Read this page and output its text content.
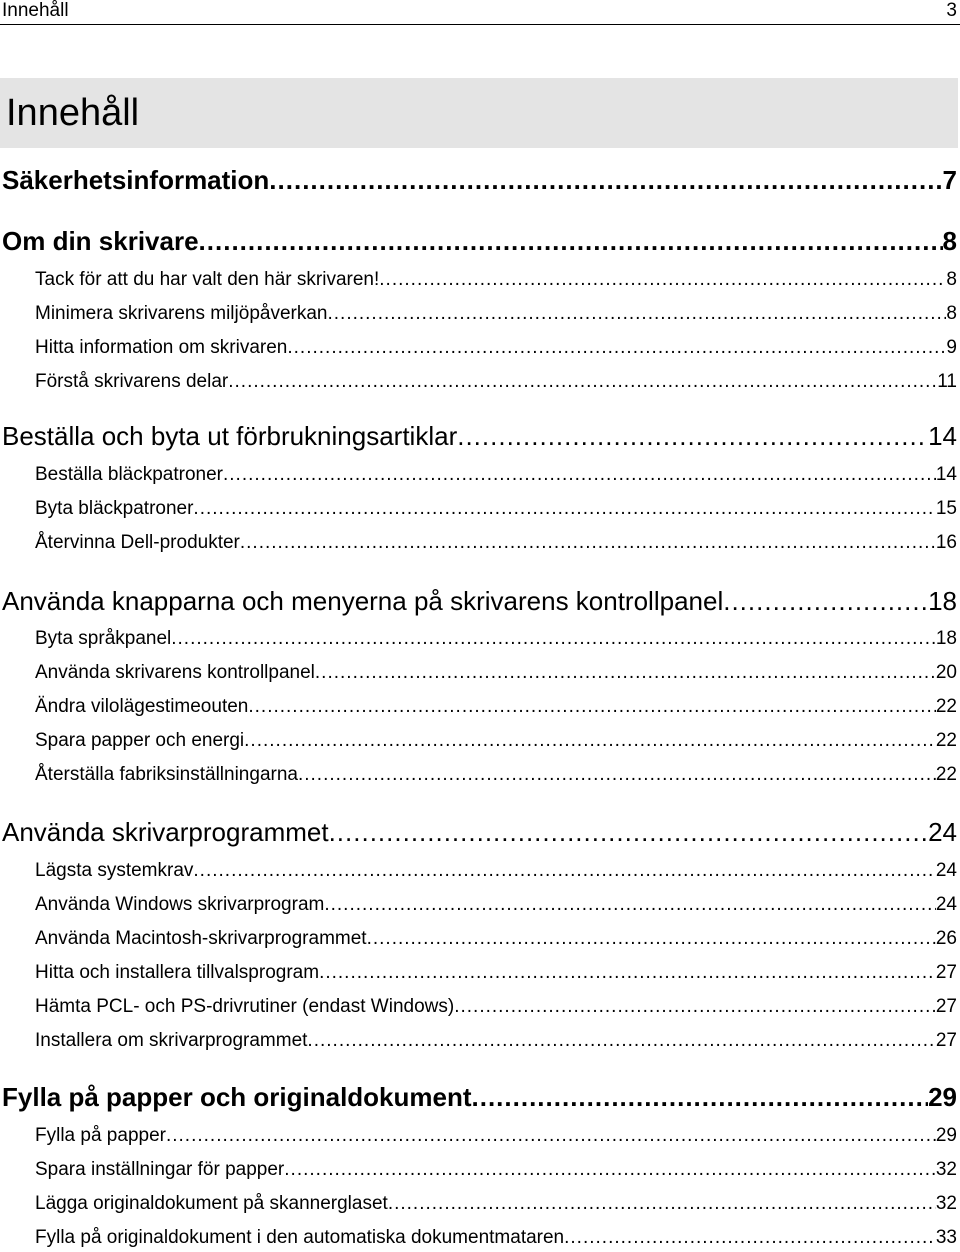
Innehåll	3
Innehåll
Säkerhetsinformation .....	7
Om din skrivare .....	8
Tack för att du har valt den här skrivaren! .....	8
Minimera skrivarens miljöpåverkan .....	8
Hitta information om skrivaren .....	9
Förstå skrivarens delar .....	11
Beställa och byta ut förbrukningsartiklar .....	14
Beställa bläckpatroner .....	14
Byta bläckpatroner .....	15
Återvinna Dell-produkter .....	16
Använda knapparna och menyerna på skrivarens kontrollpanel .....	18
Byta språkpanel .....	18
Använda skrivarens kontrollpanel .....	20
Ändra vilolägestimeouten .....	22
Spara papper och energi .....	22
Återställa fabriksinställningarna .....	22
Använda skrivarprogrammet .....	24
Lägsta systemkrav .....	24
Använda Windows skrivarprogram .....	24
Använda Macintosh-skrivarprogrammet .....	26
Hitta och installera tillvalsprogram .....	27
Hämta PCL- och PS-drivrutiner (endast Windows) .....	27
Installera om skrivarprogrammet .....	27
Fylla på papper och originaldokument .....	29
Fylla på papper .....	29
Spara inställningar för papper .....	32
Lägga originaldokument på skannerglaset .....	32
Fylla på originaldokument i den automatiska dokumentmataren .....	33
